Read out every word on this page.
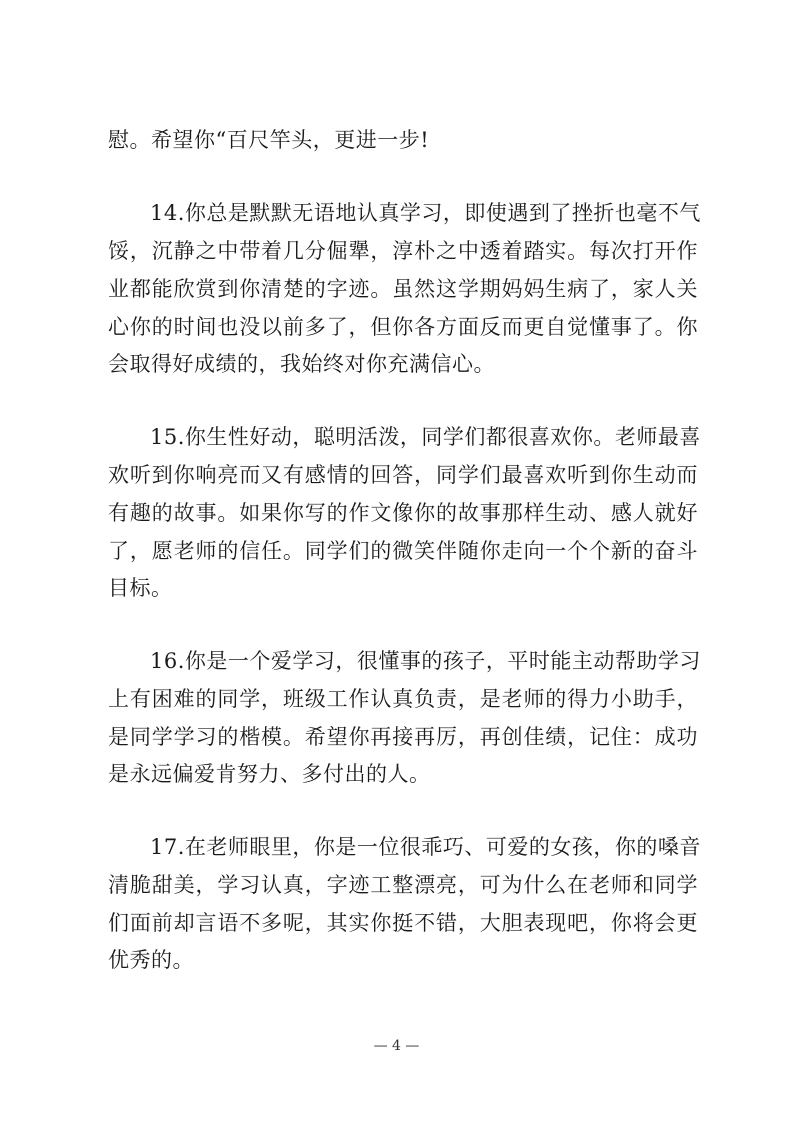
慰。希望你“百尺竿头，更进一步!
14.你总是默默无语地认真学习，即使遇到了挫折也毫不气
馁，沉静之中带着几分倔犟，淳朴之中透着踏实。每次打开作
业都能欣赏到你清楚的字迹。虽然这学期妈妈生病了，家人关
心你的时间也没以前多了，但你各方面反而更自觉懂事了。你
会取得好成绩的，我始终对你充满信心。
15.你生性好动，聪明活泼，同学们都很喜欢你。老师最喜
欢听到你响亮而又有感情的回答，同学们最喜欢听到你生动而
有趣的故事。如果你写的作文像你的故事那样生动、感人就好
了，愿老师的信任。同学们的微笑伴随你走向一个个新的奋斗
目标。
16.你是一个爱学习，很懂事的孩子，平时能主动帮助学习
上有困难的同学，班级工作认真负责，是老师的得力小助手，
是同学学习的楷模。希望你再接再厉，再创佳绩，记住：成功
是永远偏爱肯努力、多付出的人。
17.在老师眼里，你是一位很乖巧、可爱的女孩，你的嗓音
清脆甜美，学习认真，字迹工整漂亮，可为什么在老师和同学
们面前却言语不多呢，其实你挺不错，大胆表现吧，你将会更
优秀的。
— 4 —
